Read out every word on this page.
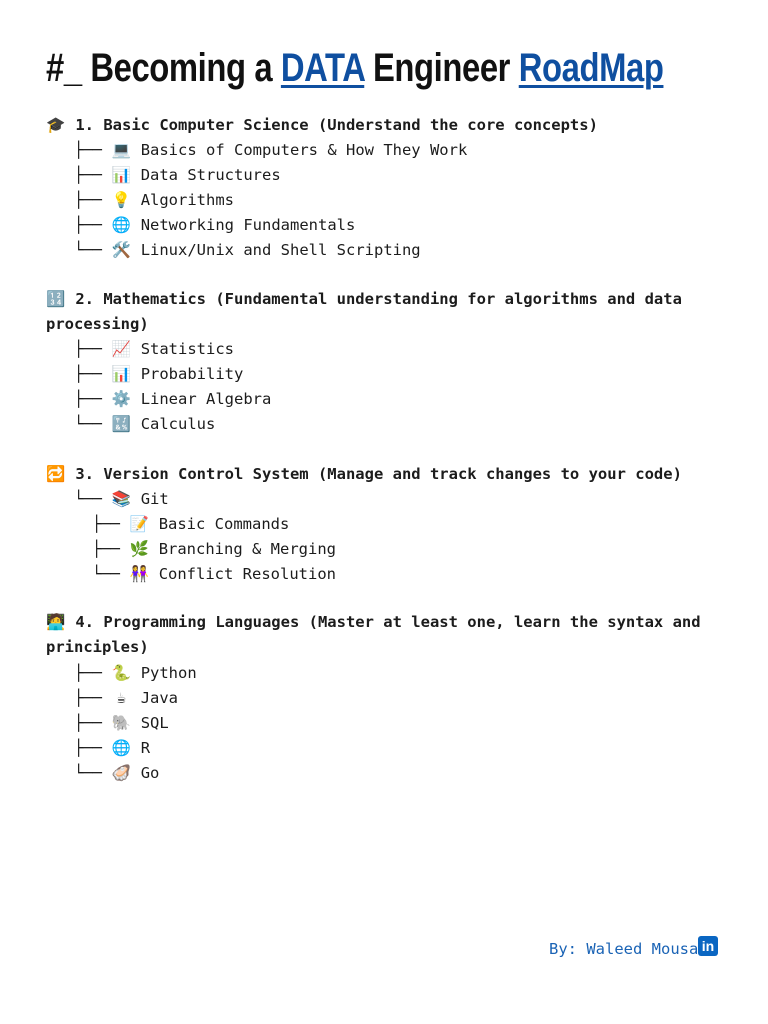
#_ Becoming a DATA Engineer RoadMap
🎓 1. Basic Computer Science (Understand the core concepts)
├── 💻 Basics of Computers & How They Work
├── 📊 Data Structures
├── 💡 Algorithms
├── 🌐 Networking Fundamentals
└── 🛠️ Linux/Unix and Shell Scripting
🔢 2. Mathematics (Fundamental understanding for algorithms and data processing)
├── 📈 Statistics
├── 📊 Probability
├── ⚙️ Linear Algebra
└── 🔣 Calculus
🔁 3. Version Control System (Manage and track changes to your code)
└── 📚 Git
├── 📝 Basic Commands
├── 🌿 Branching & Merging
└── 👭 Conflict Resolution
🧑‍💻 4. Programming Languages (Master at least one, learn the syntax and principles)
├── 🐍 Python
├── ☕ Java
├── 🐘 SQL
├── 🌐 R
└── 🦪 Go
By: Waleed Mousa in
